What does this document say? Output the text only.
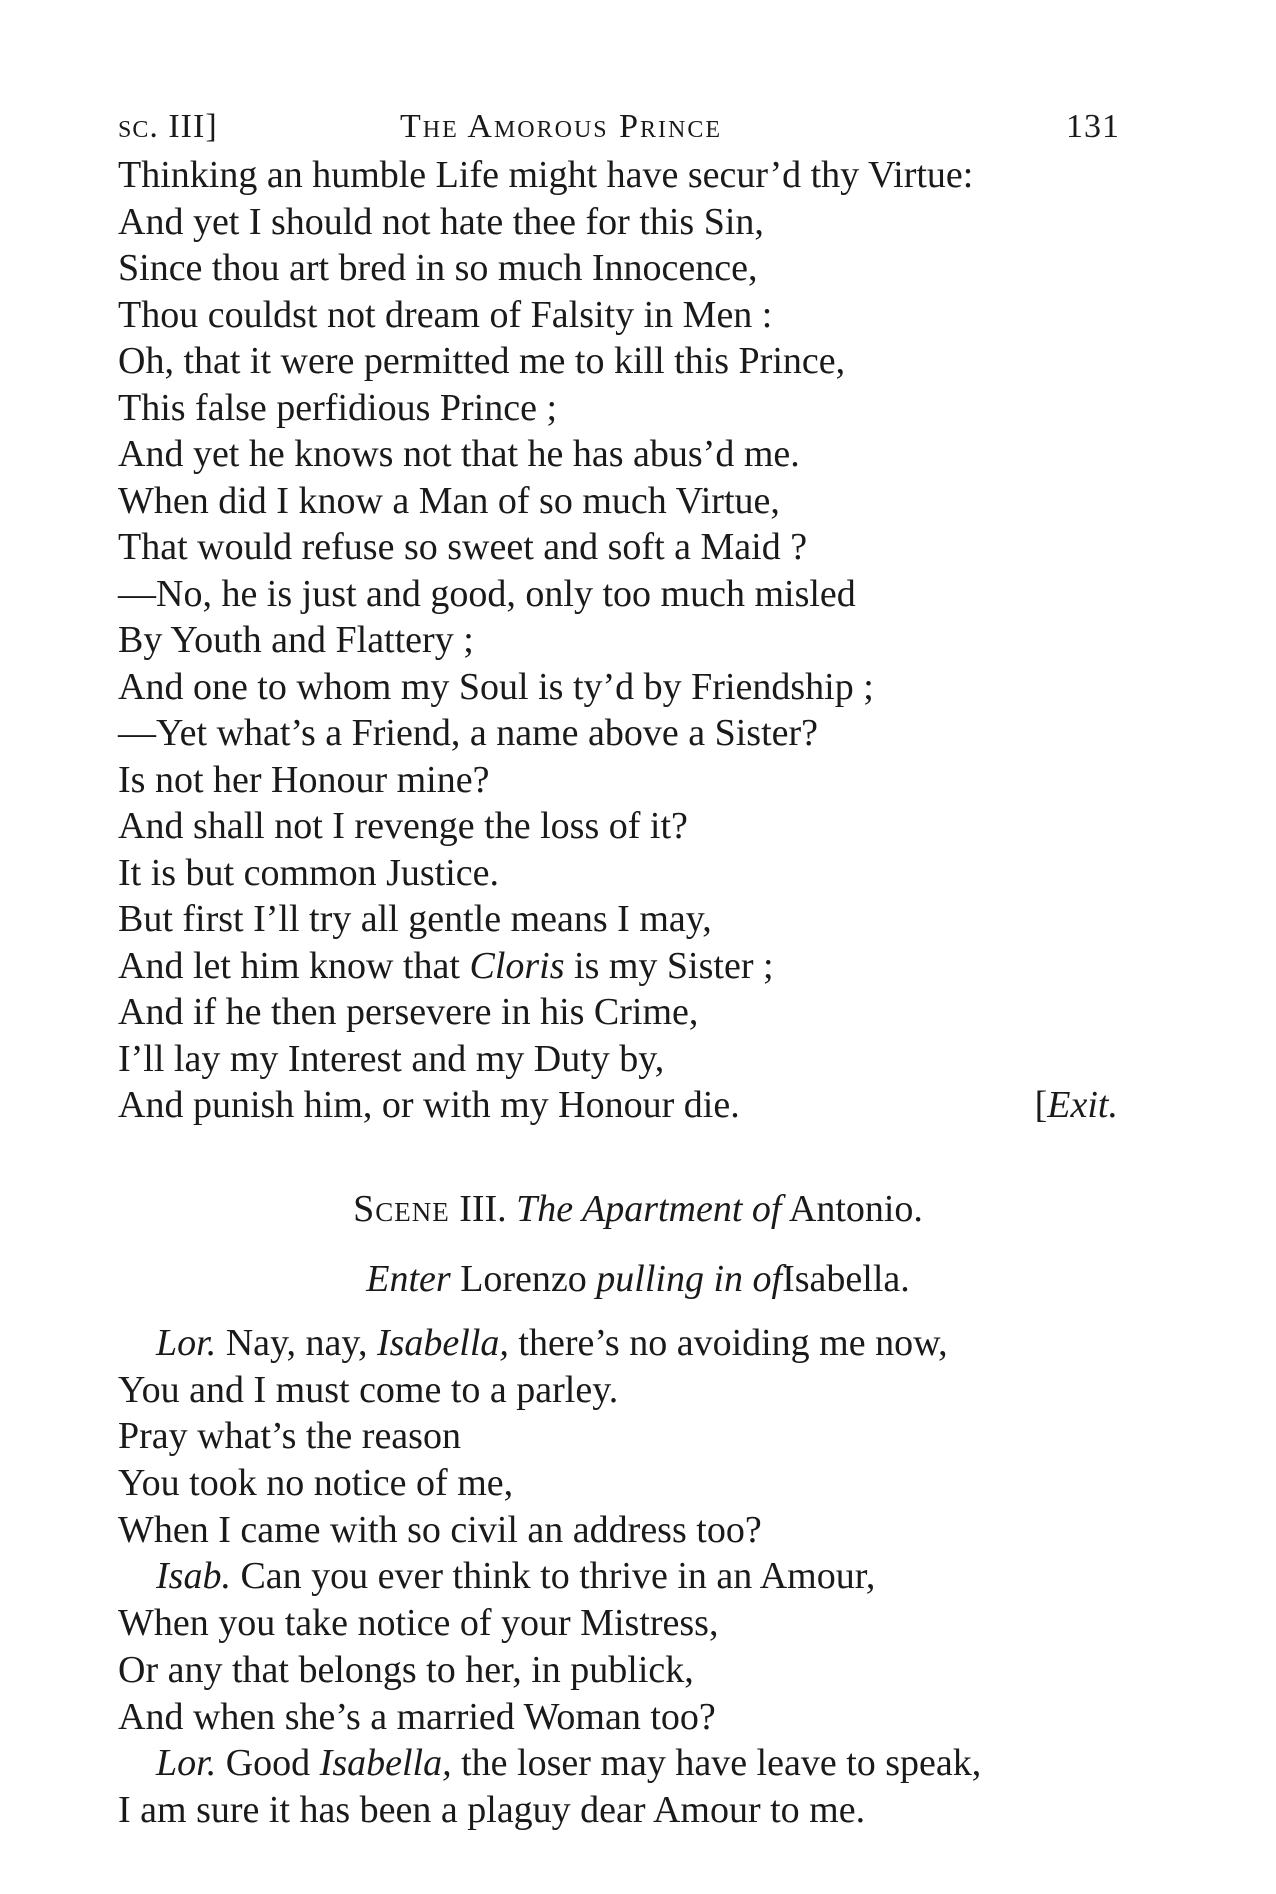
sc. III]	The Amorous Prince	131
Thinking an humble Life might have secur’d thy Virtue:
And yet I should not hate thee for this Sin,
Since thou art bred in so much Innocence,
Thou couldst not dream of Falsity in Men :
Oh, that it were permitted me to kill this Prince,
This false perfidious Prince ;
And yet he knows not that he has abus’d me.
When did I know a Man of so much Virtue,
That would refuse so sweet and soft a Maid ?
—No, he is just and good, only too much misled
By Youth and Flattery ;
And one to whom my Soul is ty’d by Friendship ;
—Yet what’s a Friend, a name above a Sister?
Is not her Honour mine?
And shall not I revenge the loss of it?
It is but common Justice.
But first I’ll try all gentle means I may,
And let him know that Cloris is my Sister ;
And if he then persevere in his Crime,
I’ll lay my Interest and my Duty by,
And punish him, or with my Honour die.	[Exit.
Scene III. The Apartment of Antonio.
Enter Lorenzo pulling in ofIsabella.
Lor. Nay, nay, Isabella, there’s no avoiding me now,
You and I must come to a parley.
Pray what’s the reason
You took no notice of me,
When I came with so civil an address too?
Isab. Can you ever think to thrive in an Amour,
When you take notice of your Mistress,
Or any that belongs to her, in publick,
And when she’s a married Woman too?
Lor. Good Isabella, the loser may have leave to speak,
I am sure it has been a plaguy dear Amour to me.
